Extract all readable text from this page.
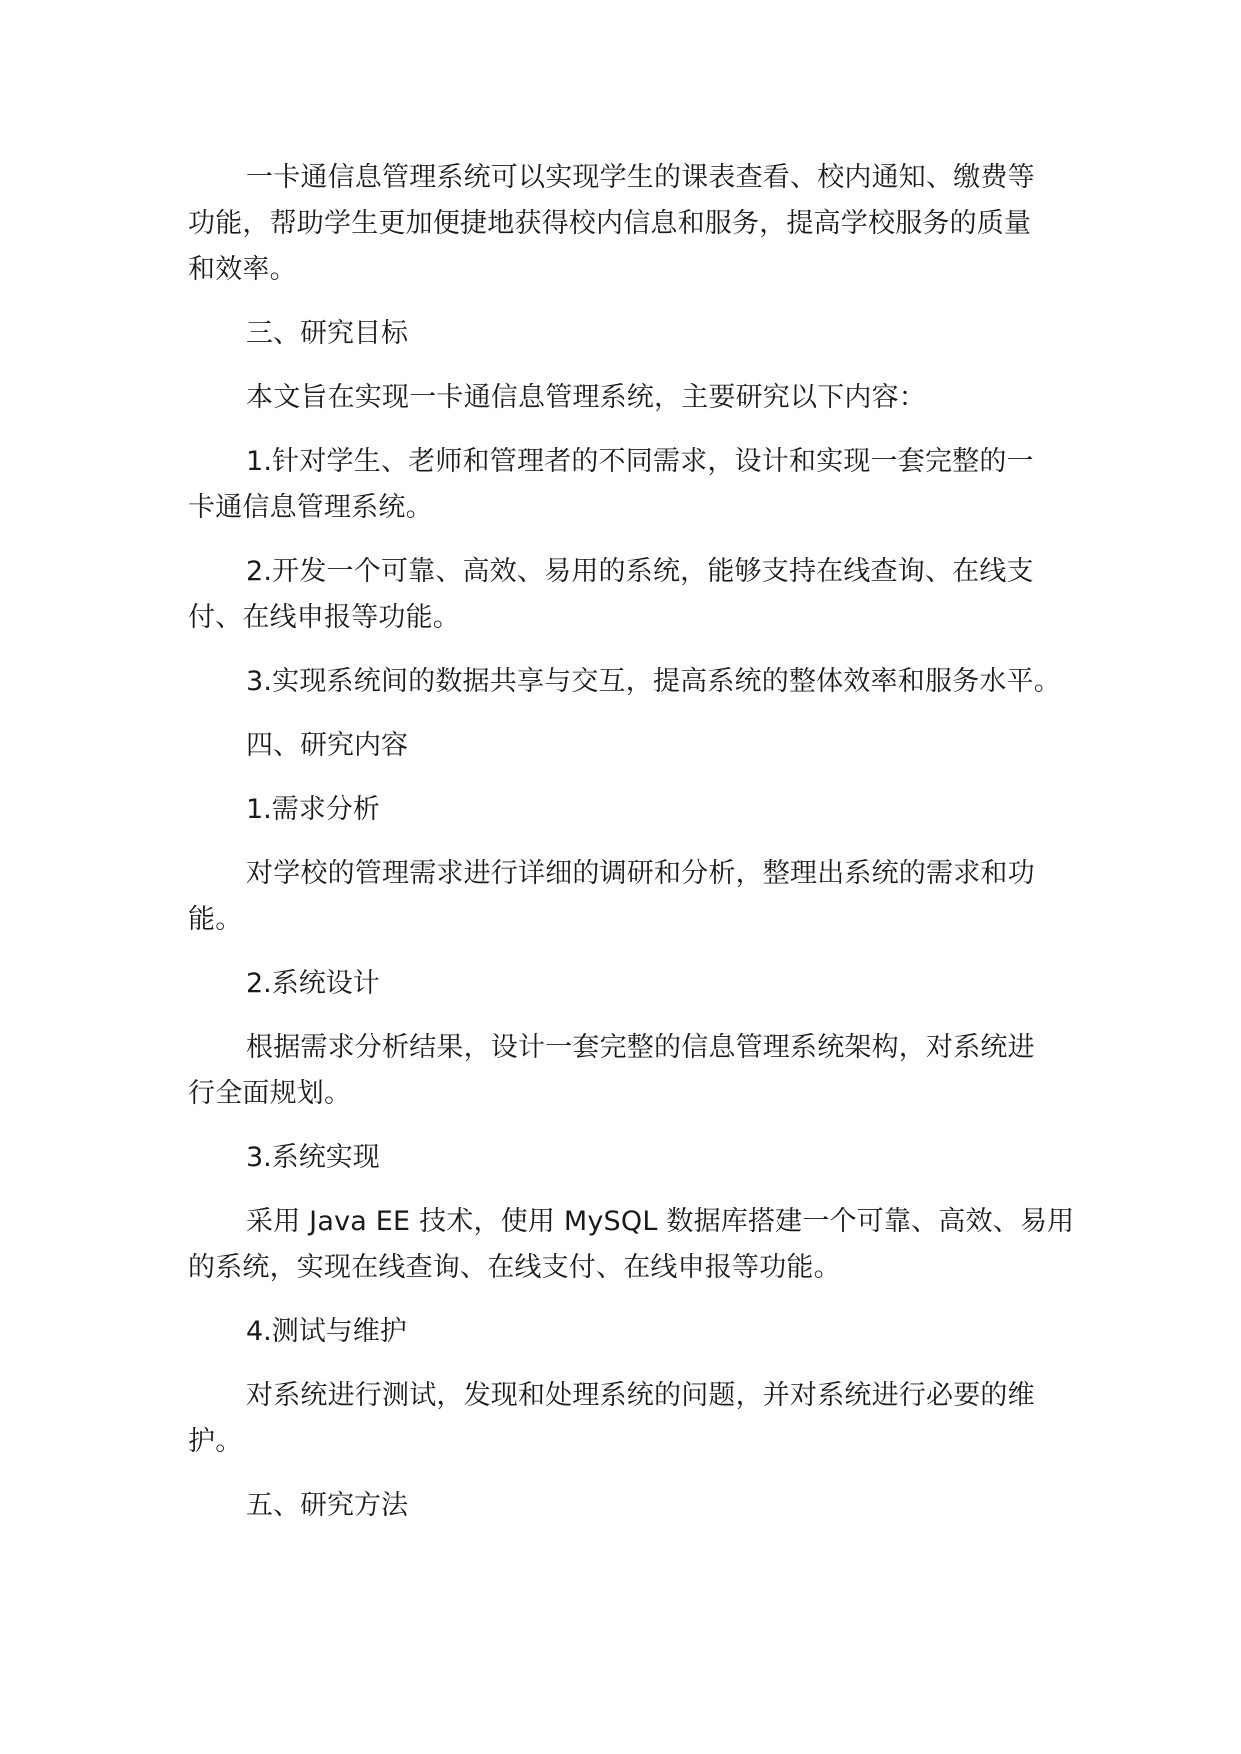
一卡通信息管理系统可以实现学生的课表查看、校内通知、缴费等
功能，帮助学生更加便捷地获得校内信息和服务，提高学校服务的质量
和效率。

三、研究目标

本文旨在实现一卡通信息管理系统，主要研究以下内容：

1.针对学生、老师和管理者的不同需求，设计和实现一套完整的一
卡通信息管理系统。

2.开发一个可靠、高效、易用的系统，能够支持在线查询、在线支
付、在线申报等功能。

3.实现系统间的数据共享与交互，提高系统的整体效率和服务水平。

四、研究内容

1.需求分析

对学校的管理需求进行详细的调研和分析，整理出系统的需求和功
能。

2.系统设计

根据需求分析结果，设计一套完整的信息管理系统架构，对系统进
行全面规划。

3.系统实现

采用 Java EE 技术，使用 MySQL 数据库搭建一个可靠、高效、易用
的系统，实现在线查询、在线支付、在线申报等功能。

4.测试与维护

对系统进行测试，发现和处理系统的问题，并对系统进行必要的维
护。

五、研究方法
